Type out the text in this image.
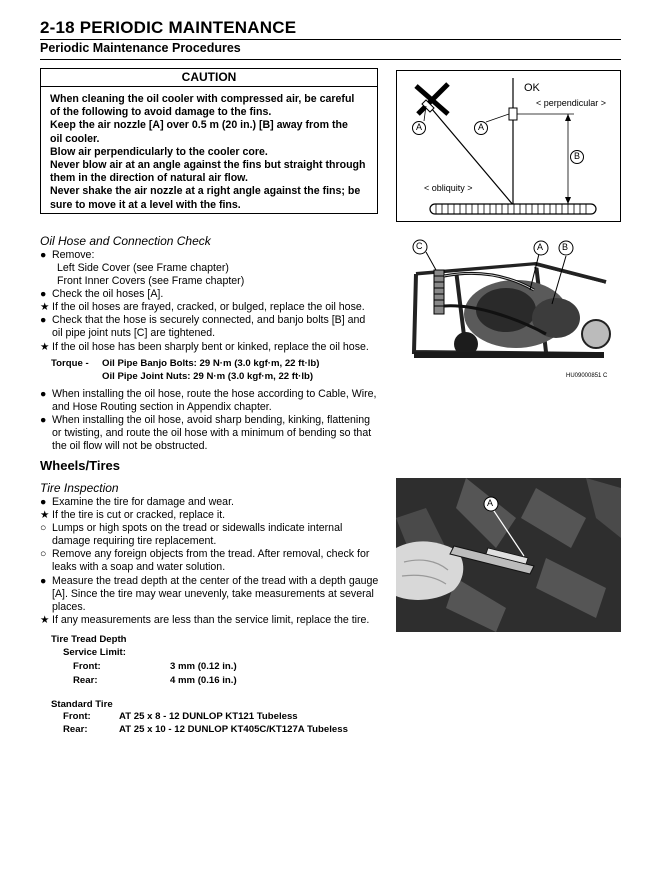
2-18 PERIODIC MAINTENANCE
Periodic Maintenance Procedures
CAUTION
When cleaning the oil cooler with compressed air, be careful
of the following to avoid damage to the fins.
Keep the air nozzle [A] over 0.5 m (20 in.) [B] away from the
oil cooler.
Blow air perpendicularly to the cooler core.
Never blow air at an angle against the fins but straight through
them in the direction of natural air flow.
Never shake the air nozzle at a right angle against the fins; be
sure to move it at a level with the fins.
A	A
B
OK
< perpendicular >
< obliquity >
C	A B
HU09000851 C
A
Oil Hose and Connection Check
● Remove:
Left Side Cover (see Frame chapter)
Front Inner Covers (see Frame chapter)
● Check the oil hoses [A].
★ If the oil hoses are frayed, cracked, or bulged, replace the oil hose.
● Check that the hose is securely connected, and banjo bolts [B] and
oil pipe joint nuts [C] are tightened.
★ If the oil hose has been sharply bent or kinked, replace the oil hose.
Torque - Oil Pipe Banjo Bolts: 29 N·m (3.0 kgf·m, 22 ft·lb)
Oil Pipe Joint Nuts: 29 N·m (3.0 kgf·m, 22 ft·lb)
● When installing the oil hose, route the hose according to Cable, Wire,
and Hose Routing section in Appendix chapter.
● When installing the oil hose, avoid sharp bending, kinking, flattening
or twisting, and route the oil hose with a minimum of bending so that
the oil flow will not be obstructed.
Wheels/Tires
Tire Inspection
● Examine the tire for damage and wear.
★ If the tire is cut or cracked, replace it.
○ Lumps or high spots on the tread or sidewalls indicate internal
damage requiring tire replacement.
○ Remove any foreign objects from the tread. After removal, check for
leaks with a soap and water solution.
● Measure the tread depth at the center of the tread with a depth gauge
[A]. Since the tire may wear unevenly, take measurements at several
places.
★ If any measurements are less than the service limit, replace the tire.
Tire Tread Depth
Service Limit:
Front:	3 mm (0.12 in.)
Rear:	4 mm (0.16 in.)
Standard Tire
Front:	AT 25 x 8 - 12 DUNLOP KT121 Tubeless
Rear:	AT 25 x 10 - 12 DUNLOP KT405C/KT127A Tubeless
